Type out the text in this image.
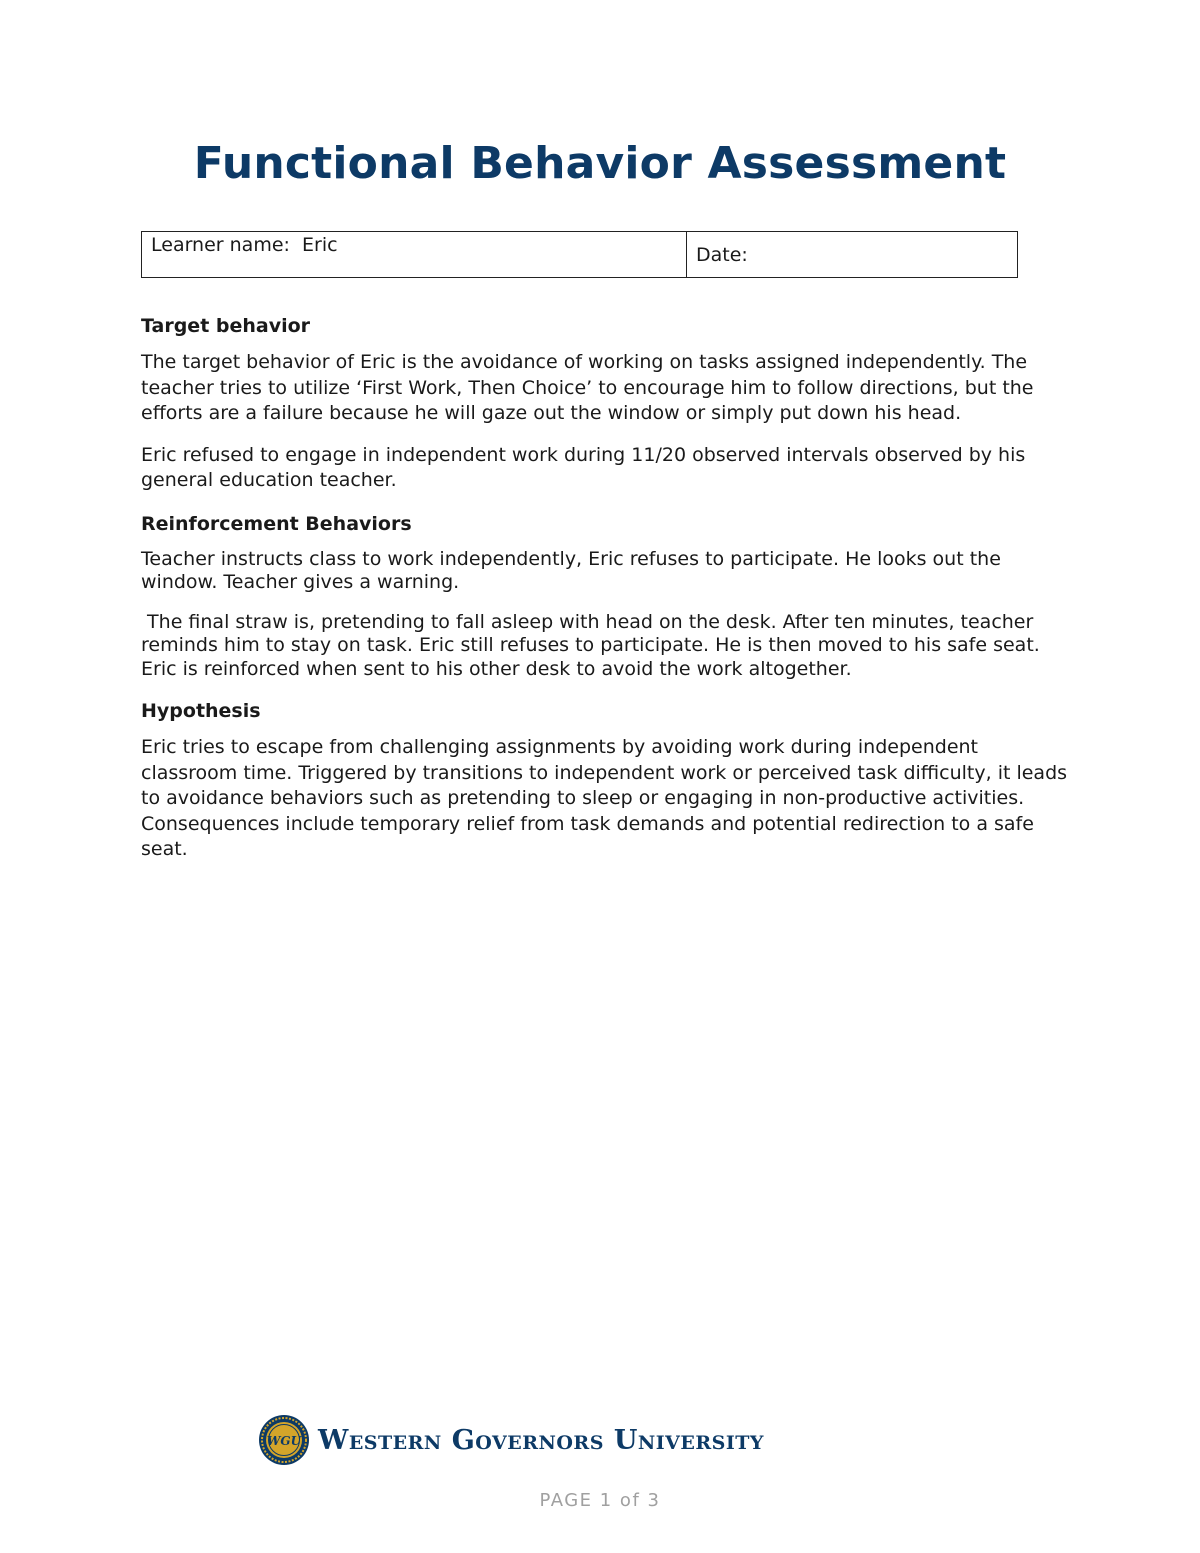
Functional Behavior Assessment
Learner name: Eric	Date:
Target behavior

The target behavior of Eric is the avoidance of working on tasks assigned independently. The teacher tries to utilize ‘First Work, Then Choice’ to encourage him to follow directions, but the efforts are a failure because he will gaze out the window or simply put down his head.

Eric refused to engage in independent work during 11/20 observed intervals observed by his general education teacher.

Reinforcement Behaviors

Teacher instructs class to work independently, Eric refuses to participate. He looks out the window. Teacher gives a warning.

The final straw is, pretending to fall asleep with head on the desk. After ten minutes, teacher reminds him to stay on task. Eric still refuses to participate. He is then moved to his safe seat. Eric is reinforced when sent to his other desk to avoid the work altogether.

Hypothesis

Eric tries to escape from challenging assignments by avoiding work during independent classroom time. Triggered by transitions to independent work or perceived task difficulty, it leads to avoidance behaviors such as pretending to sleep or engaging in non-productive activities. Consequences include temporary relief from task demands and potential redirection to a safe seat.

WGU Western Governors University
PAGE 1 of 3
